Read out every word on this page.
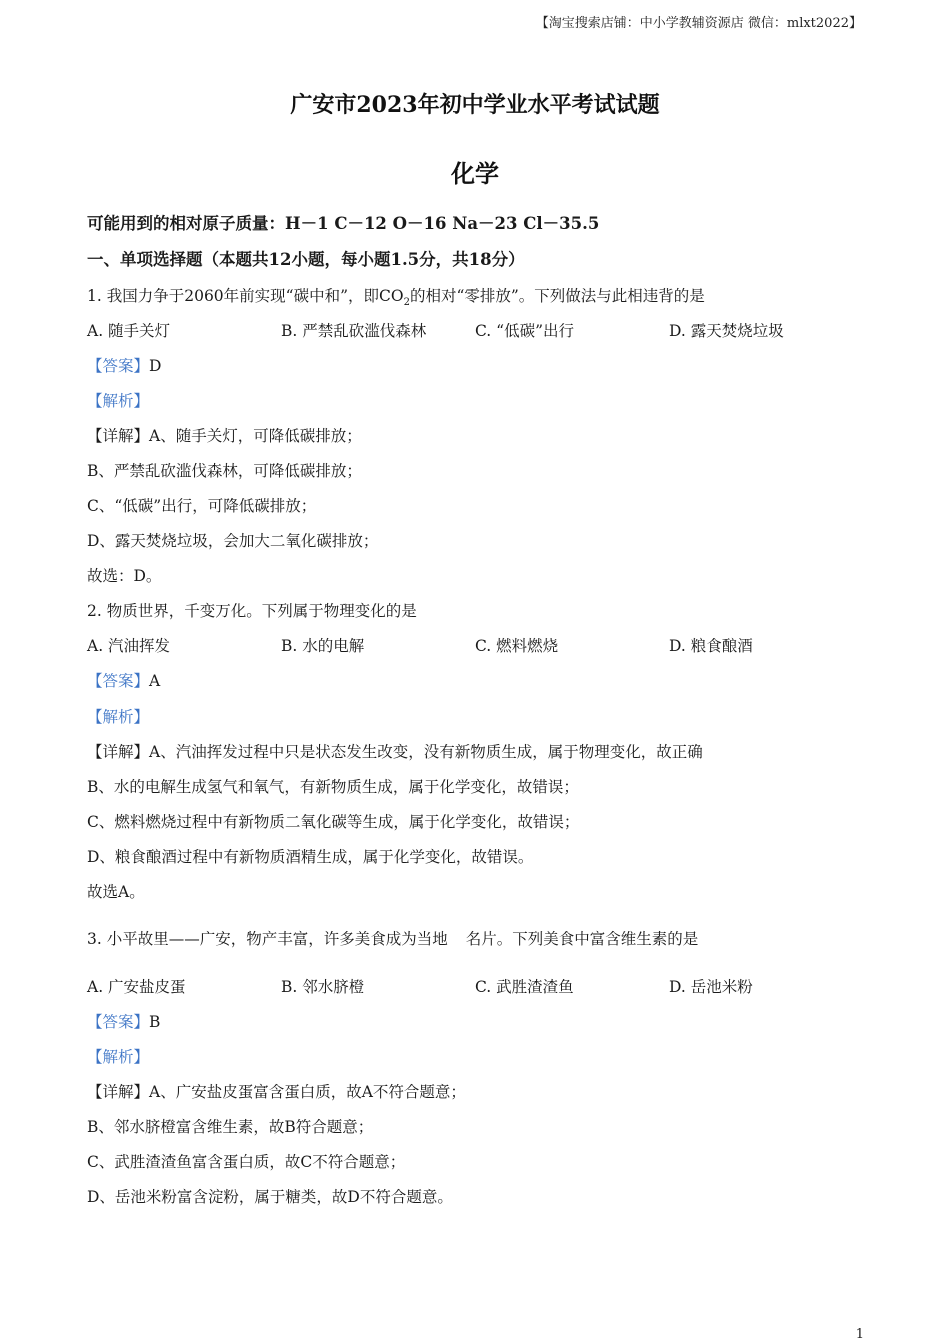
【淘宝搜索店铺：中小学教辅资源店 微信：mlxt2022】
广安市2023年初中学业水平考试试题
化学
可能用到的相对原子质量：H－1 C－12 O－16 Na－23 Cl－35.5
一、单项选择题（本题共12小题，每小题1.5分，共18分）
1. 我国力争于2060年前实现“碳中和”，即$CO_2$的相对“零排放”。下列做法与此相违背的是
A. 随手关灯	B. 严禁乱砍滥伐森林	C. “低碳”出行	D. 露天焚烧垃圾
【答案】D
【解析】
【详解】A、随手关灯，可降低碳排放；
B、严禁乱砍滥伐森林，可降低碳排放；
C、“低碳”出行，可降低碳排放；
D、露天焚烧垃圾，会加大二氧化碳排放；
故选：D。
2. 物质世界，千变万化。下列属于物理变化的是
A. 汽油挥发	B. 水的电解	C. 燃料燃烧	D. 粮食酿酒
【答案】A
【解析】
【详解】A、汽油挥发过程中只是状态发生改变，没有新物质生成，属于物理变化，故正确
B、水的电解生成氢气和氧气，有新物质生成，属于化学变化，故错误；
C、燃料燃烧过程中有新物质二氧化碳等生成，属于化学变化，故错误；
D、粮食酿酒过程中有新物质酒精生成，属于化学变化，故错误。
故选A。
3. 小平故里——广安，物产丰富，许多美食成为当地 名片。下列美食中富含维生素的是
A. 广安盐皮蛋	B. 邻水脐橙	C. 武胜渣渣鱼	D. 岳池米粉
【答案】B
【解析】
【详解】A、广安盐皮蛋富含蛋白质，故A不符合题意；
B、邻水脐橙富含维生素，故B符合题意；
C、武胜渣渣鱼富含蛋白质，故C不符合题意；
D、岳池米粉富含淀粉，属于糖类，故D不符合题意。
1
